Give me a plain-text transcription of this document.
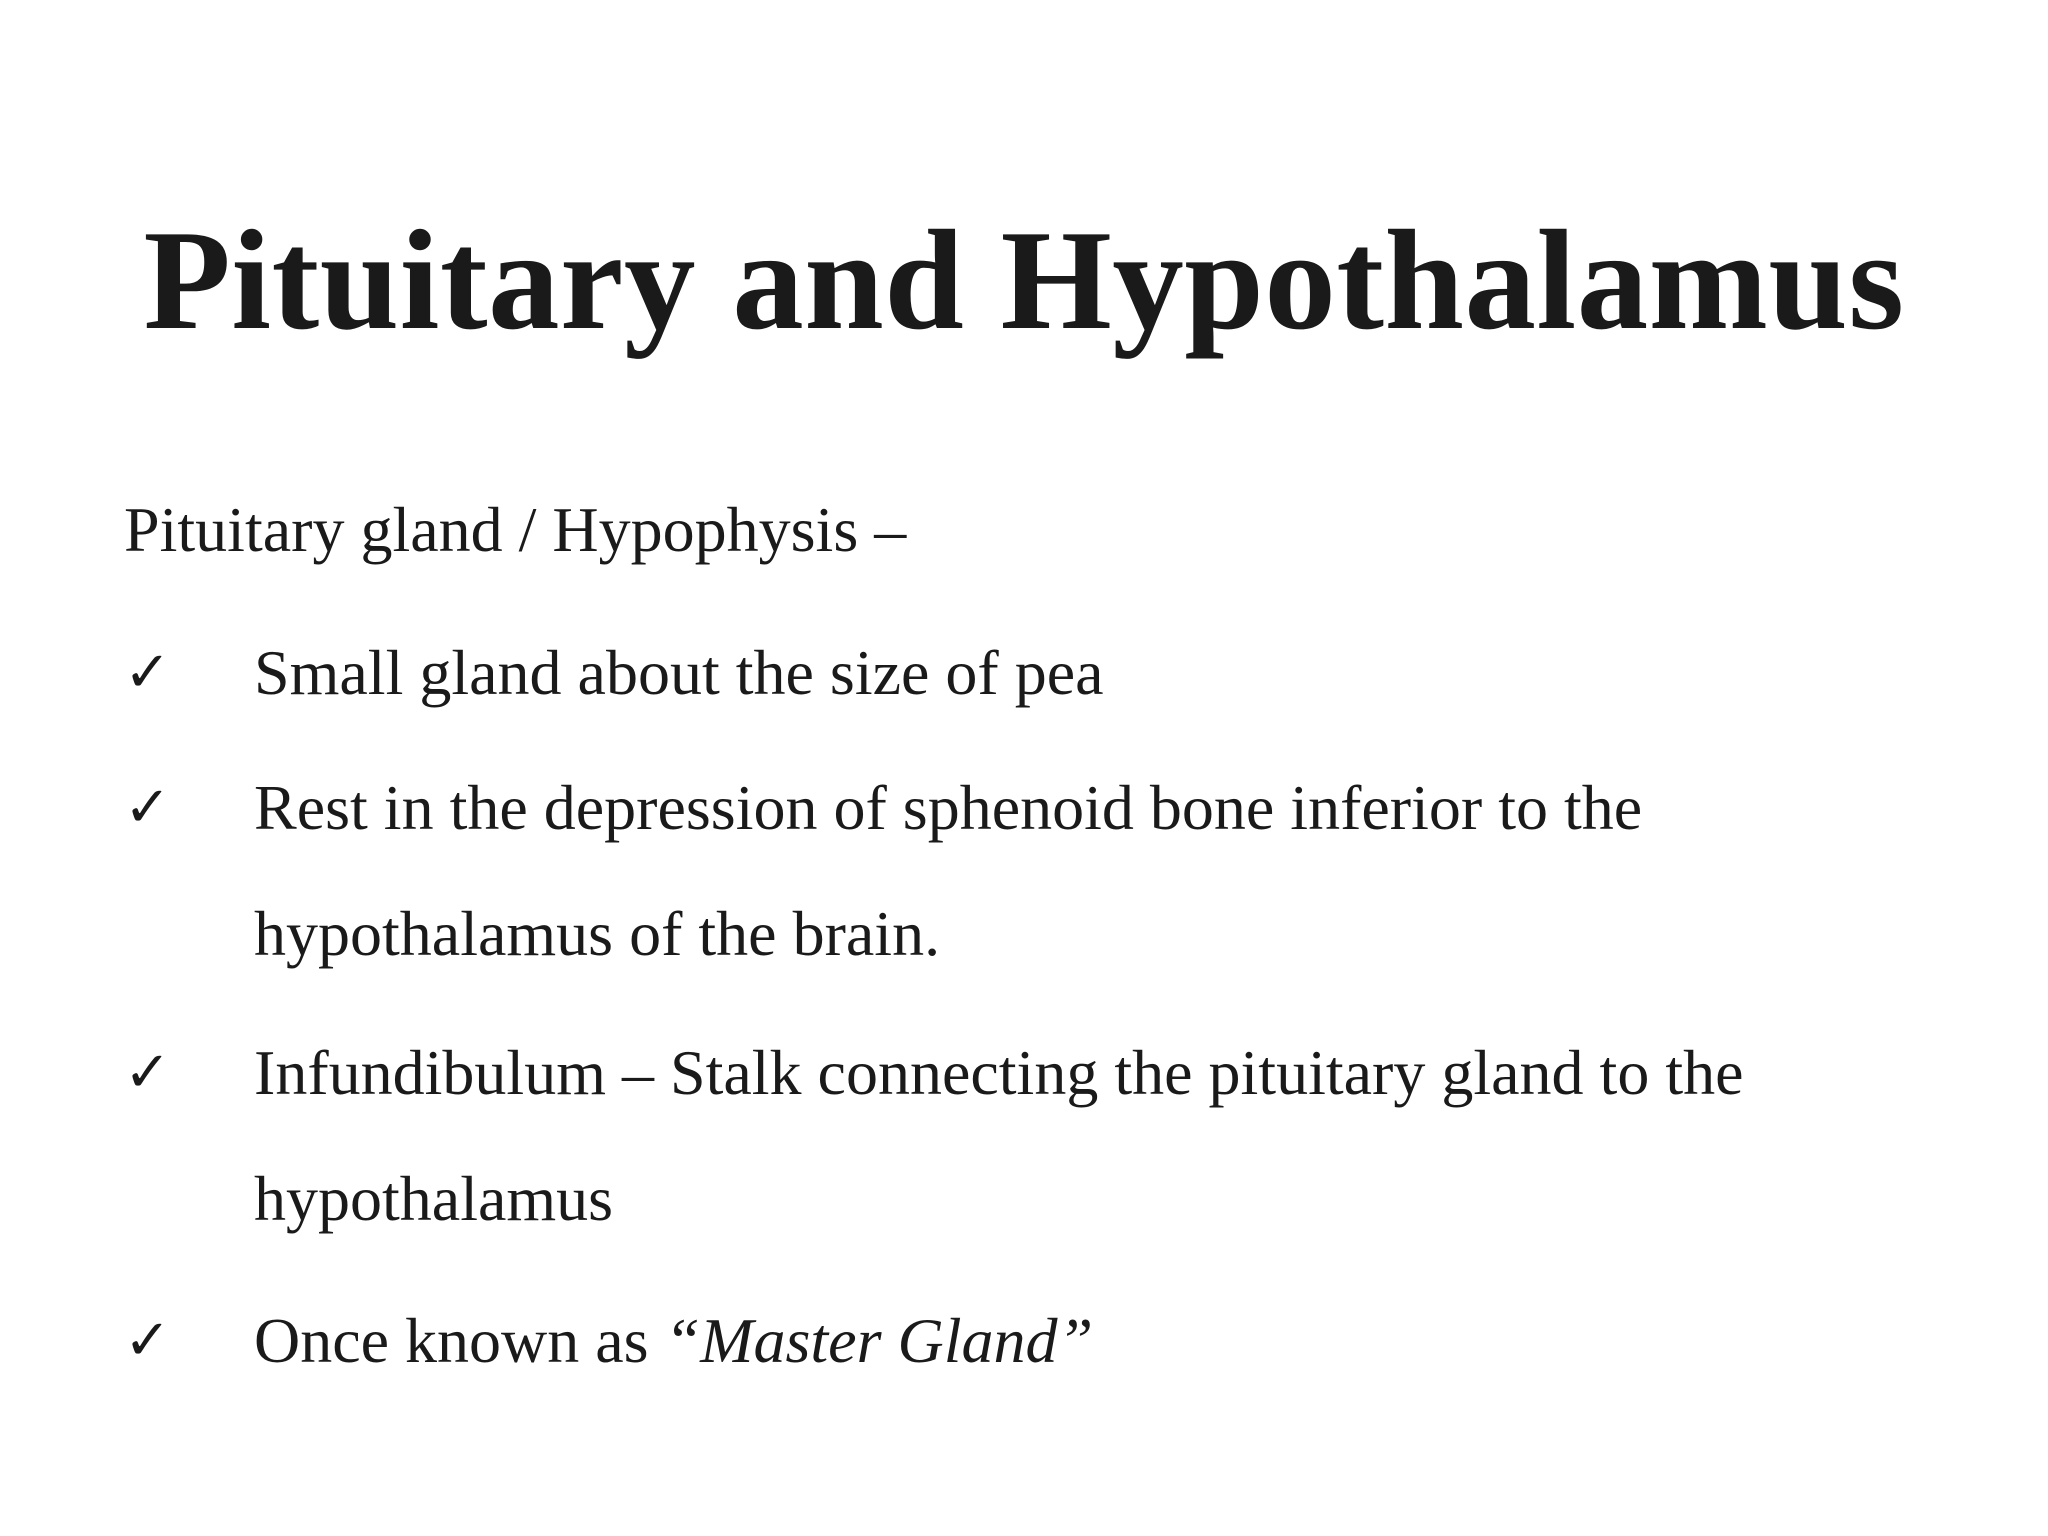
Pituitary and Hypothalamus

Pituitary gland / Hypophysis –

✓ Small gland about the size of pea

✓ Rest in the depression of sphenoid bone inferior to the
hypothalamus of the brain.

✓ Infundibulum – Stalk connecting the pituitary gland to the
hypothalamus

✓ Once known as “Master Gland”
